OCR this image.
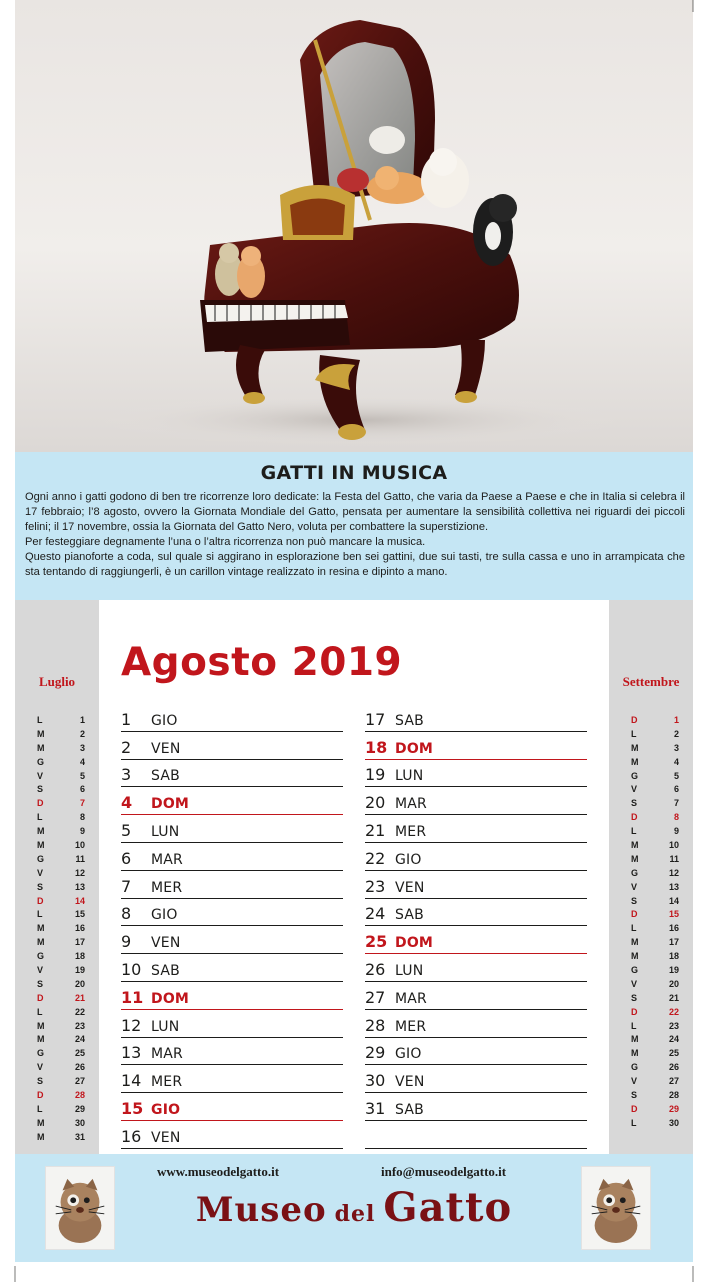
GATTI IN MUSICA

Ogni anno i gatti godono di ben tre ricorrenze loro dedicate: la Festa del Gatto, che varia da Paese a Paese e che in Italia si celebra il 17 febbraio; l’8 agosto, ovvero la Giornata Mondiale del Gatto, pensata per aumentare la sensibilità collettiva nei riguardi dei piccoli felini; il 17 novembre, ossia la Giornata del Gatto Nero, voluta per combattere la superstizione.

Per festeggiare degnamente l’una o l’altra ricorrenza non può mancare la musica.

Questo pianoforte a coda, sul quale si aggirano in esplorazione ben sei gattini, due sui tasti, tre sulla cassa e uno in arrampicata che sta tentando di raggiungerli, è un carillon vintage realizzato in resina e dipinto a mano.

Luglio
L	1
M	2
M	3
G	4
V	5
S	6
D	7
L	8
M	9
M	10
G	11
V	12
S	13
D	14
L	15
M	16
M	17
G	18
V	19
S	20
D	21
L	22
M	23
M	24
G	25
V	26
S	27
D	28
L	29
M	30
M	31
Agosto 2019
1	GIO
2	VEN
3	SAB
4	DOM
5	LUN
6	MAR
7	MER
8	GIO
9	VEN
10 SAB
11 DOM
12 LUN
13 MAR
14 MER
15 GIO
16 VEN
17 SAB
18 DOM
19 LUN
20 MAR
21 MER
22 GIO
23 VEN
24 SAB
25 DOM
26 LUN
27 MAR
28 MER
29 GIO
30 VEN
31 SAB
Settembre
D	1
L	2
M	3
M	4
G	5
V	6
S	7
D	8
L	9
M	10
M	11
G	12
V	13
S	14
D	15
L	16
M	17
M	18
G	19
V	20
S	21
D	22
L	23
M	24
M	25
G	26
V	27
S	28
D	29
L	30
www.museodelgatto.it	info@museodelgatto.it
Museo del Gatto
